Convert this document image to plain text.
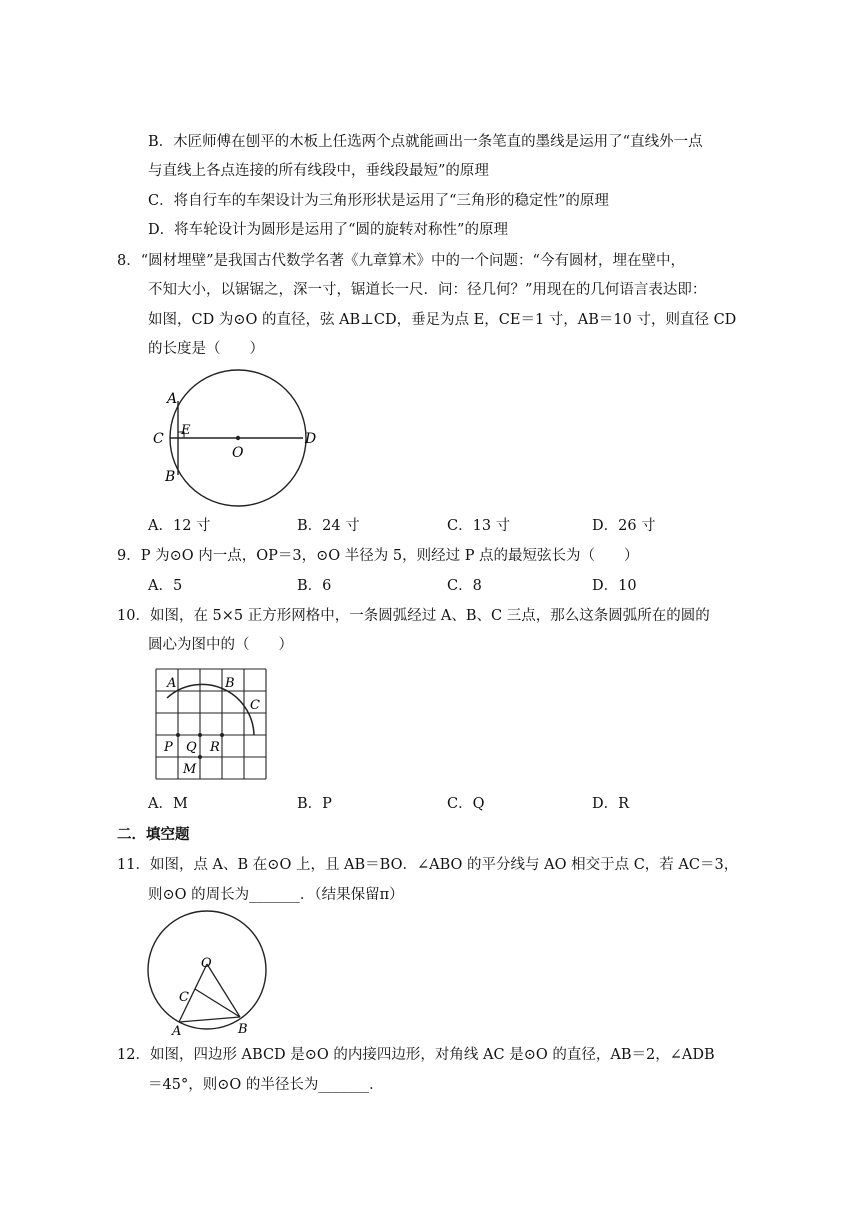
B．木匠师傅在刨平的木板上任选两个点就能画出一条笔直的墨线是运用了“直线外一点
与直线上各点连接的所有线段中，垂线段最短”的原理
C．将自行车的车架设计为三角形形状是运用了“三角形的稳定性”的原理
D．将车轮设计为圆形是运用了“圆的旋转对称性”的原理
8．“圆材埋壁”是我国古代数学名著《九章算术》中的一个问题：“今有圆材，埋在壁中，
不知大小，以锯锯之，深一寸，锯道长一尺．问：径几何？”用现在的几何语言表达即：
如图，CD 为⊙O 的直径，弦 AB⊥CD，垂足为点 E，CE＝1 寸，AB＝10 寸，则直径 CD
的长度是（　　）
A
C
E
O
D
B
A．12 寸	B．24 寸	C．13 寸	D．26 寸
9．P 为⊙O 内一点，OP＝3，⊙O 半径为 5，则经过 P 点的最短弦长为（　　）
A．5	B．6	C．8	D．10
10．如图，在 5×5 正方形网格中，一条圆弧经过 A、B、C 三点，那么这条圆弧所在的圆的
圆心为图中的（　　）
A	B
C
P Q R
M
A．M	B．P	C．Q	D．R
二．填空题
11．如图，点 A、B 在⊙O 上，且 AB＝BO．∠ABO 的平分线与 AO 相交于点 C，若 AC＝3，
则⊙O 的周长为_______．（结果保留π）
O
C
A	B
12．如图，四边形 ABCD 是⊙O 的内接四边形，对角线 AC 是⊙O 的直径，AB＝2，∠ADB
＝45°，则⊙O 的半径长为_______．
